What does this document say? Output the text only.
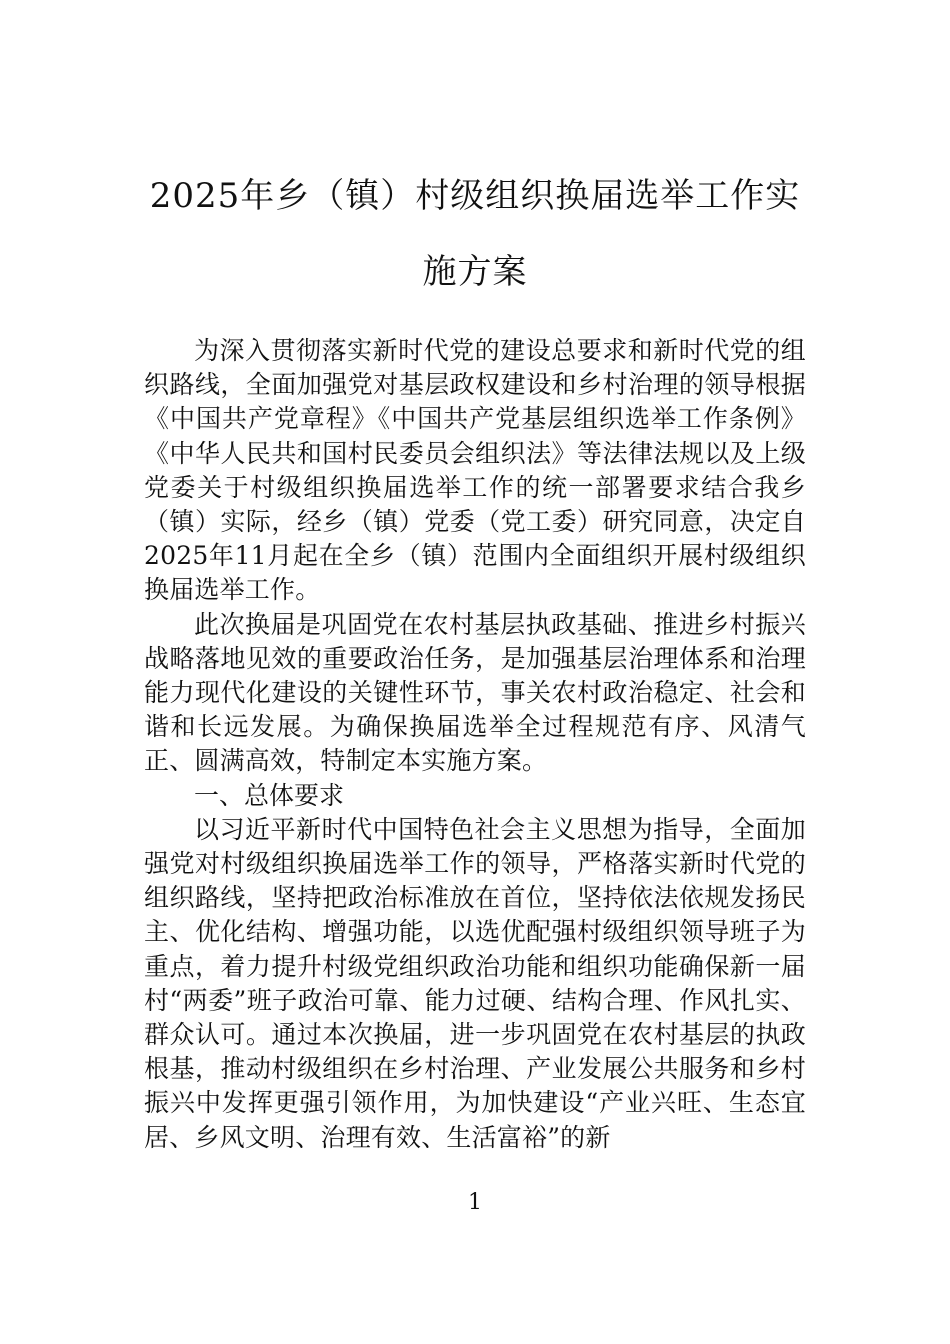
2025年乡（镇）村级组织换届选举工作实
施方案

为深入贯彻落实新时代党的建设总要求和新时代党的组织路线，全面加强党对基层政权建设和乡村治理的领导根据《中国共产党章程》《中国共产党基层组织选举工作条例》《中华人民共和国村民委员会组织法》等法律法规以及上级党委关于村级组织换届选举工作的统一部署要求结合我乡（镇）实际，经乡（镇）党委（党工委）研究同意，决定自2025年11月起在全乡（镇）范围内全面组织开展村级组织换届选举工作。

此次换届是巩固党在农村基层执政基础、推进乡村振兴战略落地见效的重要政治任务，是加强基层治理体系和治理能力现代化建设的关键性环节，事关农村政治稳定、社会和谐和长远发展。为确保换届选举全过程规范有序、风清气正、圆满高效，特制定本实施方案。

一、总体要求

以习近平新时代中国特色社会主义思想为指导，全面加强党对村级组织换届选举工作的领导，严格落实新时代党的组织路线，坚持把政治标准放在首位，坚持依法依规发扬民主、优化结构、增强功能，以选优配强村级组织领导班子为重点，着力提升村级党组织政治功能和组织功能确保新一届村“两委”班子政治可靠、能力过硬、结构合理、作风扎实、群众认可。通过本次换届，进一步巩固党在农村基层的执政根基，推动村级组织在乡村治理、产业发展公共服务和乡村振兴中发挥更强引领作用，为加快建设“产业兴旺、生态宜居、乡风文明、治理有效、生活富裕”的新

1
